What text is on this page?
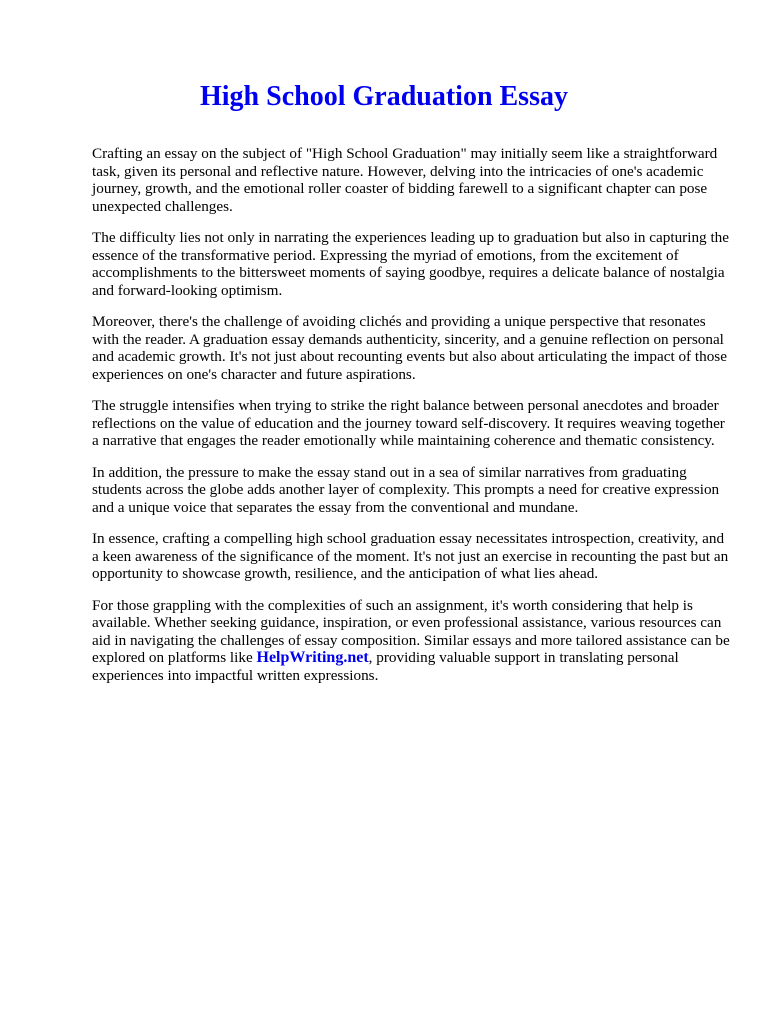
High School Graduation Essay

Crafting an essay on the subject of "High School Graduation" may initially seem like a straightforward task, given its personal and reflective nature. However, delving into the intricacies of one's academic journey, growth, and the emotional roller coaster of bidding farewell to a significant chapter can pose unexpected challenges.

The difficulty lies not only in narrating the experiences leading up to graduation but also in capturing the essence of the transformative period. Expressing the myriad of emotions, from the excitement of accomplishments to the bittersweet moments of saying goodbye, requires a delicate balance of nostalgia and forward-looking optimism.

Moreover, there's the challenge of avoiding clichés and providing a unique perspective that resonates with the reader. A graduation essay demands authenticity, sincerity, and a genuine reflection on personal and academic growth. It's not just about recounting events but also about articulating the impact of those experiences on one's character and future aspirations.

The struggle intensifies when trying to strike the right balance between personal anecdotes and broader reflections on the value of education and the journey toward self-discovery. It requires weaving together a narrative that engages the reader emotionally while maintaining coherence and thematic consistency.

In addition, the pressure to make the essay stand out in a sea of similar narratives from graduating students across the globe adds another layer of complexity. This prompts a need for creative expression and a unique voice that separates the essay from the conventional and mundane.

In essence, crafting a compelling high school graduation essay necessitates introspection, creativity, and a keen awareness of the significance of the moment. It's not just an exercise in recounting the past but an opportunity to showcase growth, resilience, and the anticipation of what lies ahead.

For those grappling with the complexities of such an assignment, it's worth considering that help is available. Whether seeking guidance, inspiration, or even professional assistance, various resources can aid in navigating the challenges of essay composition. Similar essays and more tailored assistance can be explored on platforms like HelpWriting.net, providing valuable support in translating personal experiences into impactful written expressions.
